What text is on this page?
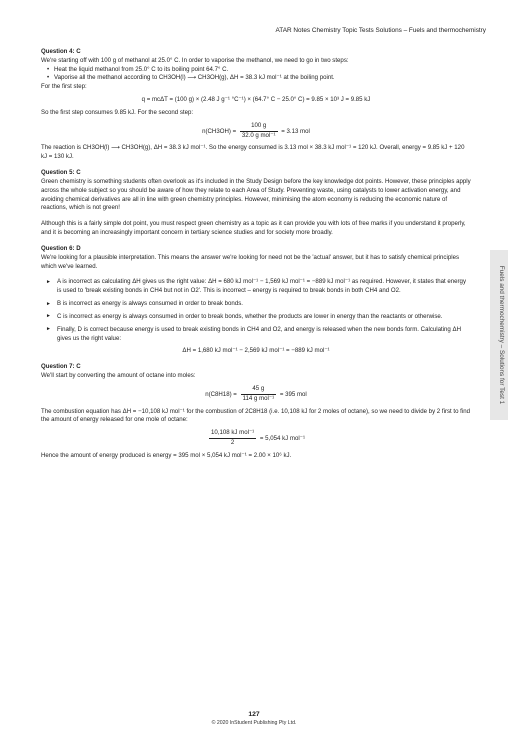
ATAR Notes Chemistry Topic Tests Solutions – Fuels and thermochemistry
Fuels and thermochemistry – Solutions for Test 1

Question 4: C

We're starting off with 100 g of methanol at 25.0° C. In order to vaporise the methanol, we need to go in two steps:

• Heat the liquid methanol from 25.0° C to its boiling point 64.7° C.
• Vaporise all the methanol according to CH3OH(l) ⟶ CH3OH(g), ΔH = 38.3 kJ mol⁻¹ at the boiling point.

For the first step:

q = mcΔT = (100 g) × (2.48 J g⁻¹ °C⁻¹) × (64.7° C − 25.0° C) = 9.85 × 10³ J = 9.85 kJ

So the first step consumes 9.85 kJ. For the second step:

$n(CH3OH) = \frac{100 g}{\text{32.0 g mol⁻¹}} = 3.13$ mol

The reaction is CH3OH(l) ⟶ CH3OH(g), ΔH = 38.3 kJ mol⁻¹. So the energy consumed is 3.13 mol × 38.3 kJ mol⁻¹ = 120 kJ. Overall, energy = 9.85 kJ + 120 kJ = 130 kJ.

Question 5: C

Green chemistry is something students often overlook as it's included in the Study Design before the key knowledge dot points. However, these principles apply across the whole subject so you should be aware of how they relate to each Area of Study. Preventing waste, using catalysts to lower activation energy, and avoiding chemical derivatives are all in line with green chemistry principles. However, minimising the atom economy is reducing the economic nature of reactions, which is not green!

Although this is a fairly simple dot point, you must respect green chemistry as a topic as it can provide you with lots of free marks if you understand it properly, and it is becoming an increasingly important concern in tertiary science studies and for society more broadly.

Question 6: D

We're looking for a plausible interpretation. This means the answer we're looking for need not be the 'actual' answer, but it has to satisfy chemical principles which we've learned.

► A is incorrect as calculating ΔH gives us the right value: ΔH = 680 kJ mol⁻¹ − 1,569 kJ mol⁻¹ = −889 kJ mol⁻¹ as required. However, it states that energy is used to 'break existing bonds in CH4 but not in O2'. This is incorrect – energy is required to break bonds in both CH4 and O2.
► B is incorrect as energy is always consumed in order to break bonds.
► C is incorrect as energy is always consumed in order to break bonds, whether the products are lower in energy than the reactants or otherwise.
► Finally, D is correct because energy is used to break existing bonds in CH4 and O2, and energy is released when the new bonds form. Calculating ΔH gives us the right value:

ΔH = 1,680 kJ mol⁻¹ − 2,569 kJ mol⁻¹ = −889 kJ mol⁻¹

Question 7: C

We'll start by converting the amount of octane into moles:

$n(C8H18) = \frac{45 g}{\text{114 g mol⁻¹}} = 395$ mol

The combustion equation has ΔH = −10,108 kJ mol⁻¹ for the combustion of 2C8H18 (i.e. 10,108 kJ for 2 moles of octane), so we need to divide by 2 first to find the amount of energy released for one mole of octane:

$\frac{\text{10,108 kJ mol⁻¹}}{2} = 5,054$ kJ mol⁻¹

Hence the amount of energy produced is energy = 395 mol × 5,054 kJ mol⁻¹ = 2.00 × 10⁶ kJ.

127

© 2020 InStudent Publishing Pty Ltd.
